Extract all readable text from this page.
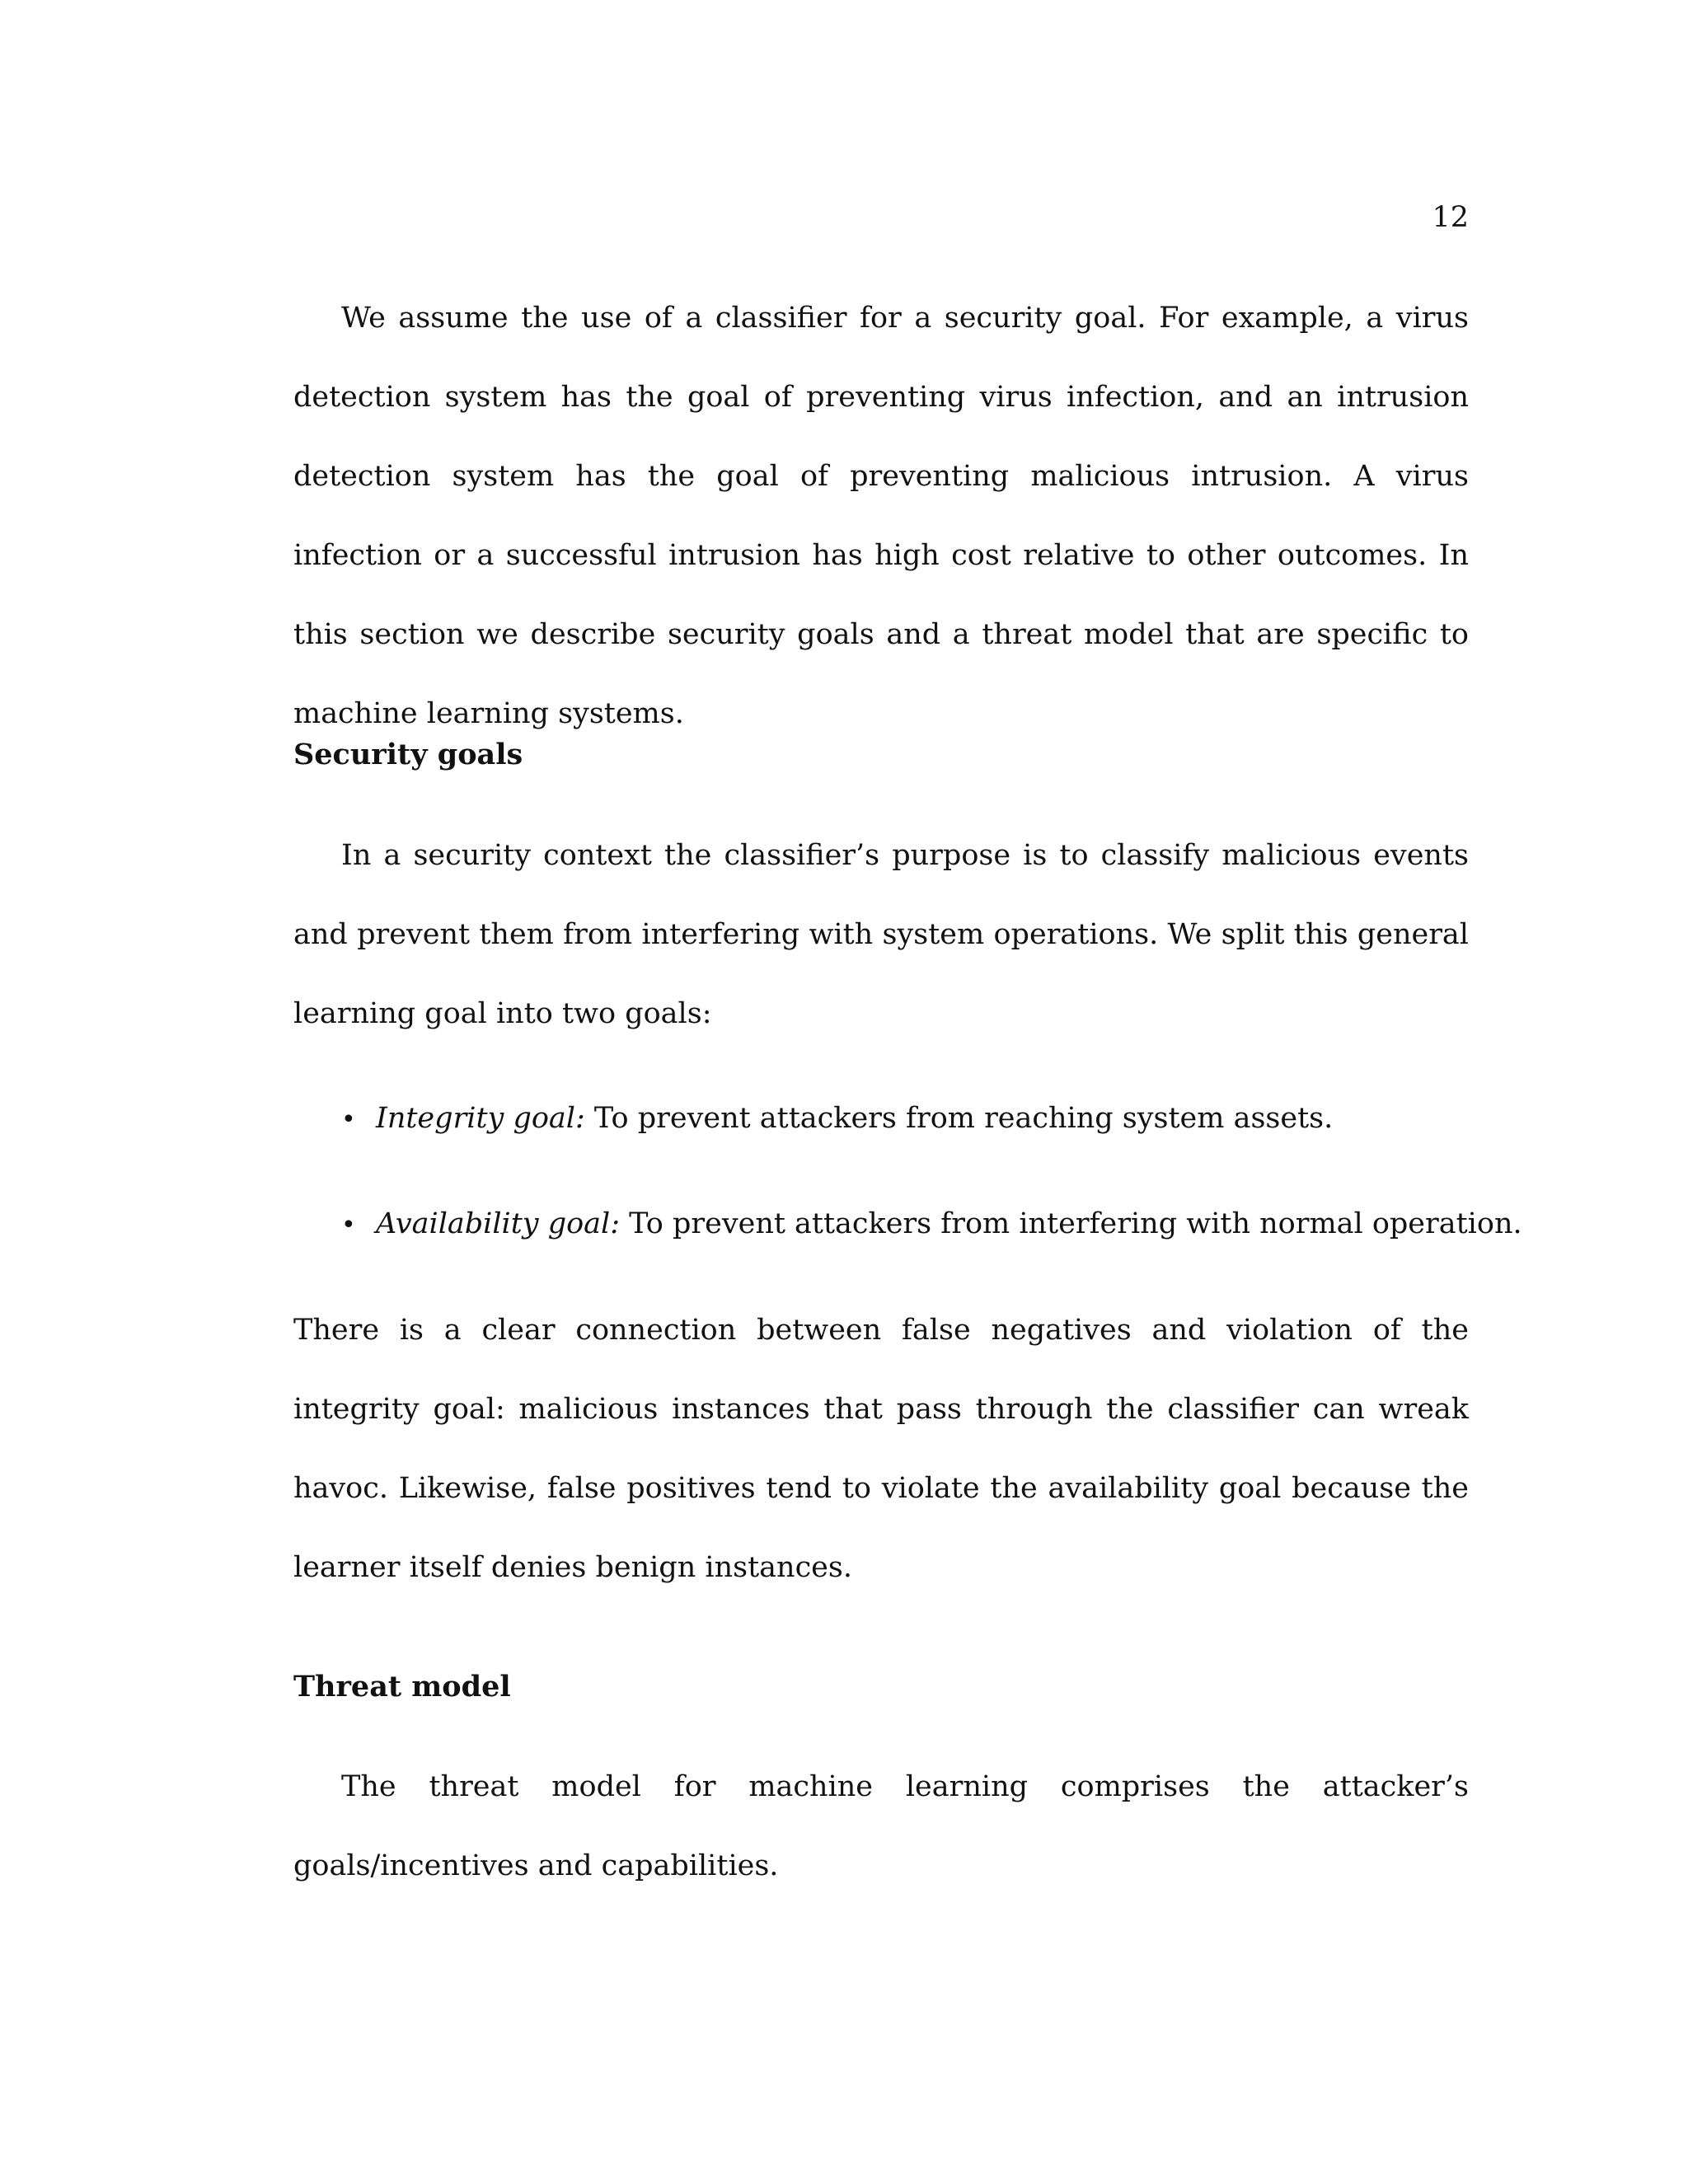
12

We assume the use of a classifier for a security goal. For example, a virus detection system has the goal of preventing virus infection, and an intrusion detection system has the goal of preventing malicious intrusion. A virus infection or a successful intrusion has high cost relative to other outcomes. In this section we describe security goals and a threat model that are specific to machine learning systems.

Security goals

In a security context the classifier’s purpose is to classify malicious events and prevent them from interfering with system operations. We split this general learning goal into two goals:

• Integrity goal: To prevent attackers from reaching system assets.
• Availability goal: To prevent attackers from interfering with normal operation.

There is a clear connection between false negatives and violation of the integrity goal: malicious instances that pass through the classifier can wreak havoc. Likewise, false positives tend to violate the availability goal because the learner itself denies benign instances.

Threat model

The threat model for machine learning comprises the attacker’s goals/incentives and capabilities.
